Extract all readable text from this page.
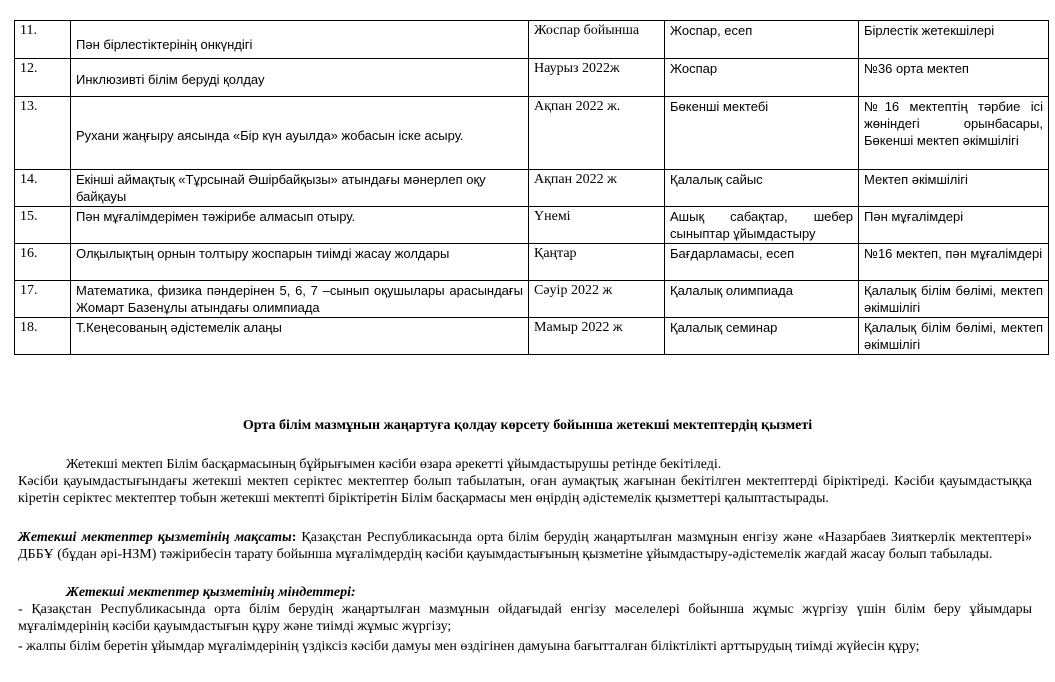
11.	Пән бірлестіктерінің онкүндігі	Жоспар бойынша	Жоспар, есеп	Бірлестік жетекшілері
12.	Инклюзивті білім беруді қолдау	Наурыз 2022ж	Жоспар	№36 орта мектеп
13.	Рухани жаңғыру аясында «Бір күн ауылда» жобасын іске асыру.	Ақпан 2022 ж.	Бөкенші мектебі	№16 мектептің тәрбие ісі жөніндегі орынбасары, Бөкенші мектеп әкімшілігі
14.	Екінші аймақтық «Тұрсынай Әшірбайқызы» атындағы мәнерлеп оқу байқауы	Ақпан 2022 ж	Қалалық сайыс	Мектеп әкімшілігі
15.	Пән мұғалімдерімен тәжірибе алмасып отыру.	Үнемі	Ашық сабақтар, шебер сыныптар ұйымдастыру	Пән мұғалімдері
16.	Олқылықтың орнын толтыру жоспарын тиімді жасау жолдары	Қаңтар	Бағдарламасы, есеп	№16 мектеп, пән мұғалімдері
17.	Математика, физика пәндерінен 5, 6, 7 –сынып оқушылары арасындағы Жомарт Базенұлы атындағы олимпиада	Сәуір 2022 ж	Қалалық олимпиада	Қалалық білім бөлімі, мектеп әкімшілігі
18.	Т.Кеңесованың әдістемелік алаңы	Мамыр 2022 ж	Қалалық семинар	Қалалық білім бөлімі, мектеп әкімшілігі
Орта білім мазмұнын жаңартуға қолдау көрсету бойынша жетекші мектептердің қызметі
Жетекші мектеп Білім басқармасының бұйрығымен кәсіби өзара әрекетті ұйымдастырушы ретінде бекітіледі.
Кәсіби қауымдастығындағы жетекші мектеп серіктес мектептер болып табылатын, оған аумақтық жағынан бекітілген мектептерді біріктіреді. Кәсіби қауымдастыққа кіретін серіктес мектептер тобын жетекші мектепті біріктіретін Білім басқармасы мен өңірдің әдістемелік қызметтері қалыптастырады.
Жетекші мектептер қызметінің мақсаты: Қазақстан Республикасында орта білім берудің жаңартылған мазмұнын енгізу және «Назарбаев Зияткерлік мектептері» ДББҰ (бұдан әрі-НЗМ) тәжірибесін тарату бойынша мұғалімдердің кәсіби қауымдастығының қызметіне ұйымдастыру-әдістемелік жағдай жасау болып табылады.
Жетекші мектептер қызметінің міндеттері:
- Қазақстан Республикасында орта білім берудің жаңартылған мазмұнын ойдағыдай енгізу мәселелері бойынша жұмыс жүргізу үшін білім беру ұйымдары мұғалімдерінің кәсіби қауымдастығын құру және тиімді жұмыс жүргізу;
- жалпы білім беретін ұйымдар мұғалімдерінің үздіксіз кәсіби дамуы мен өздігінен дамуына бағытталған біліктілікті арттырудың тиімді жүйесін құру;
